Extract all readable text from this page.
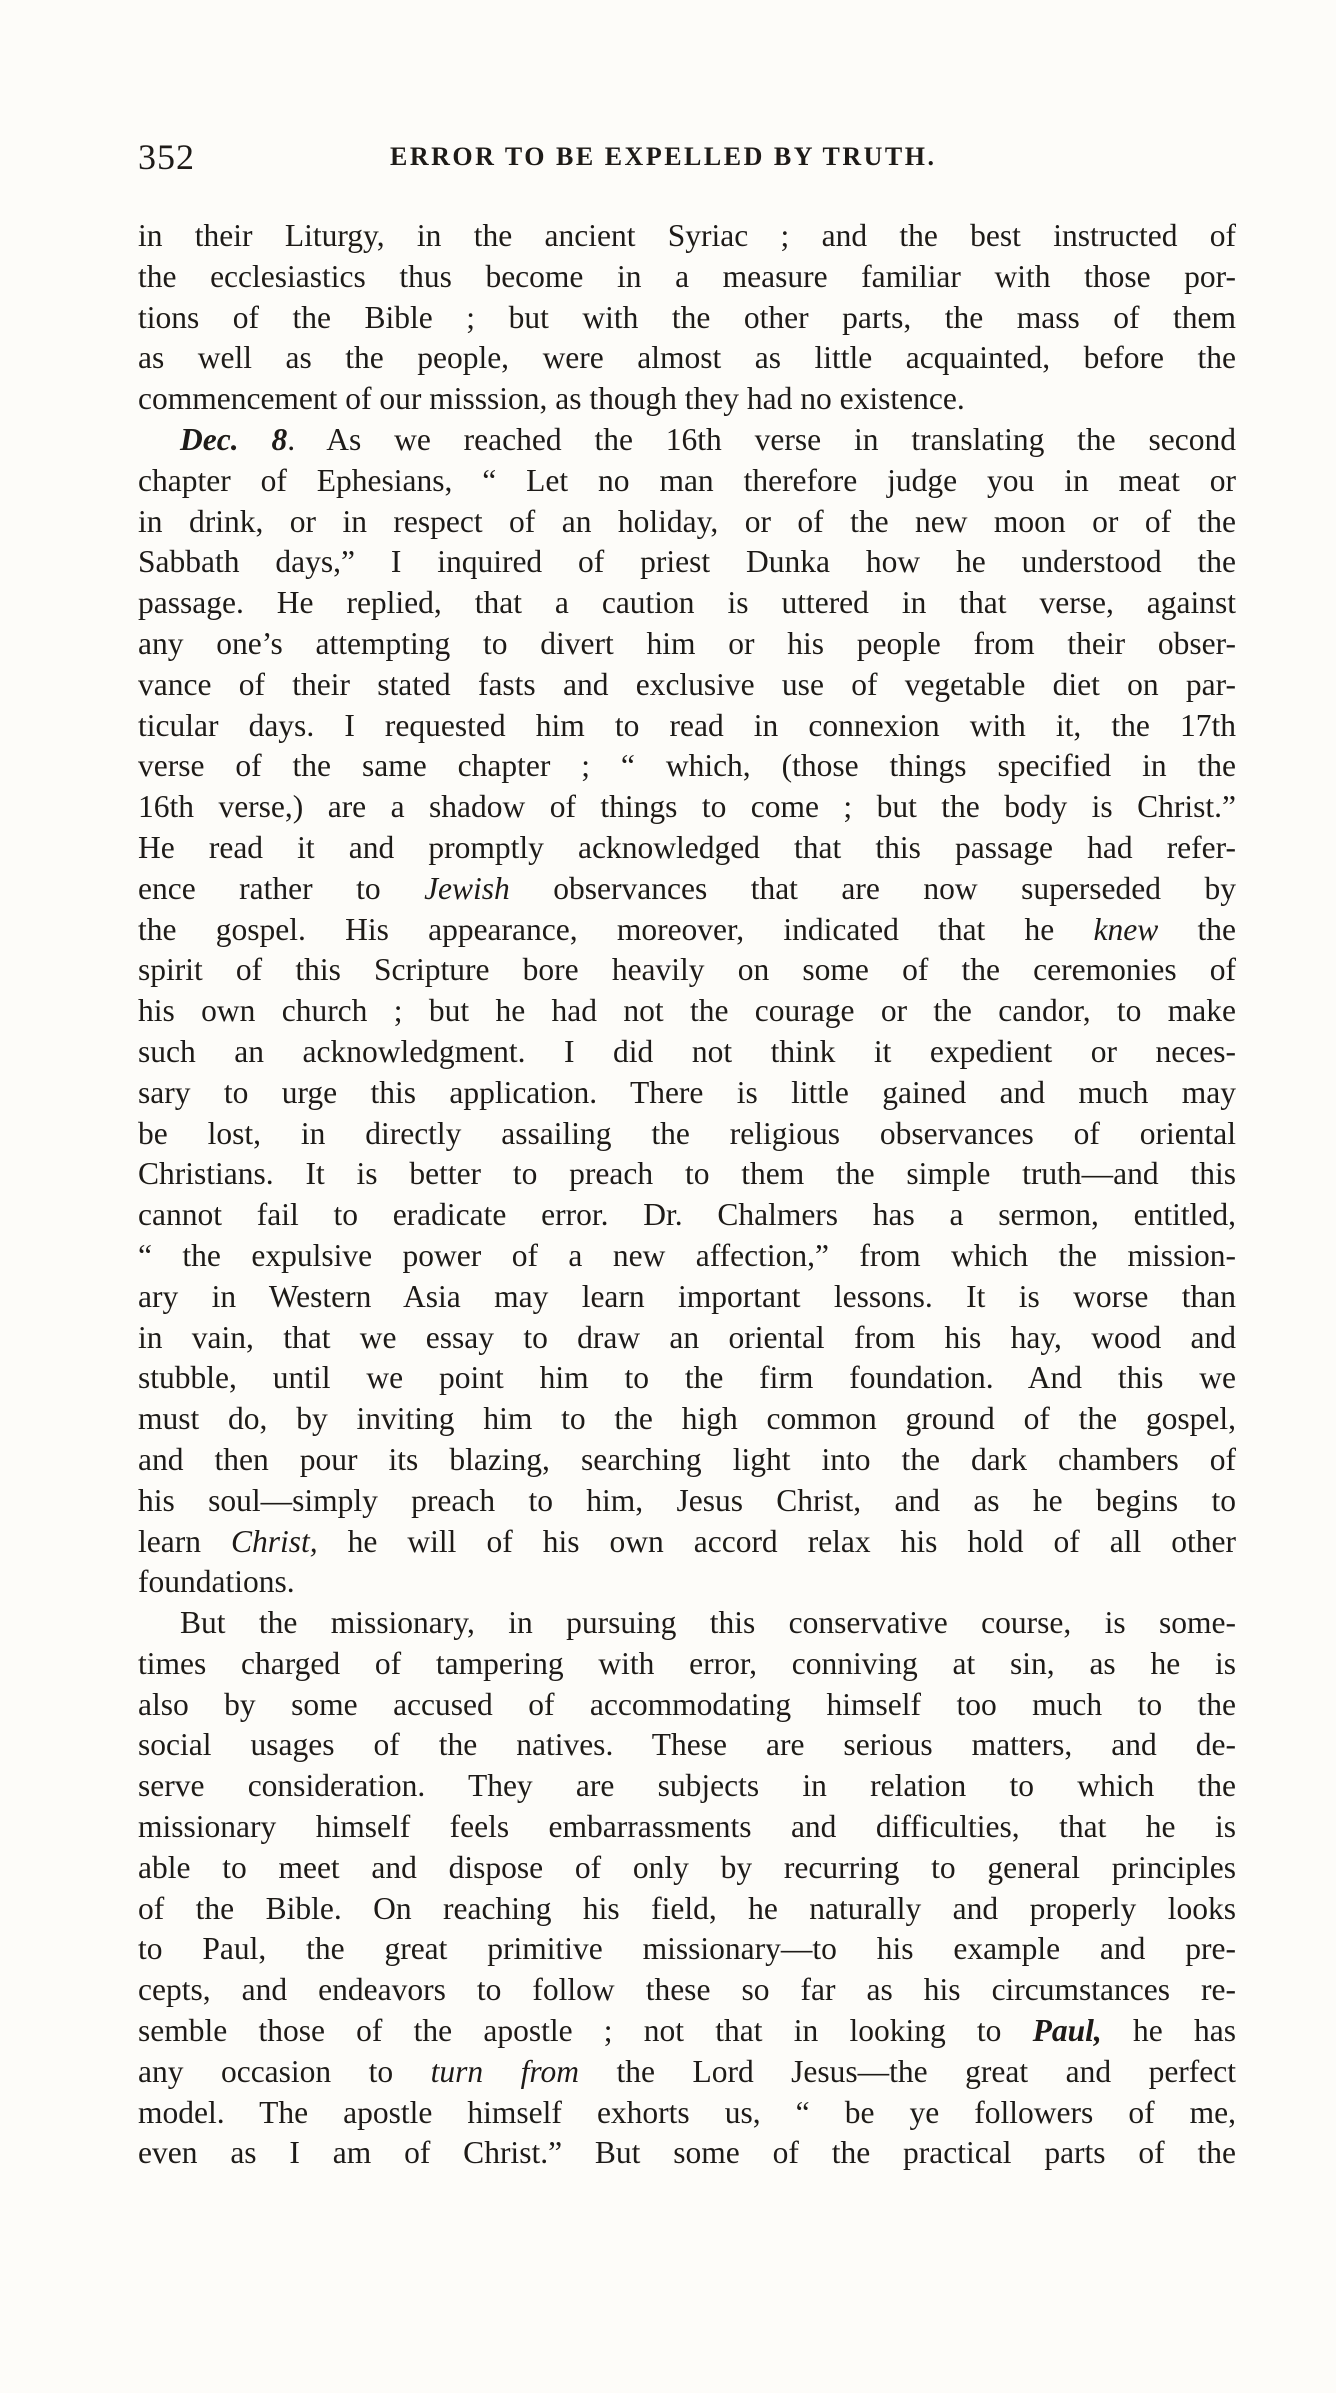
352	ERROR TO BE EXPELLED BY TRUTH.
in their Liturgy, in the ancient Syriac ; and the best instructed of
the ecclesiastics thus become in a measure familiar with those por-
tions of the Bible ; but with the other parts, the mass of them
as well as the people, were almost as little acquainted, before the
commencement of our misssion, as though they had no existence.
Dec. 8. As we reached the 16th verse in translating the second
chapter of Ephesians, “ Let no man therefore judge you in meat or
in drink, or in respect of an holiday, or of the new moon or of the
Sabbath days,” I inquired of priest Dunka how he understood the
passage. He replied, that a caution is uttered in that verse, against
any one’s attempting to divert him or his people from their obser-
vance of their stated fasts and exclusive use of vegetable diet on par-
ticular days. I requested him to read in connexion with it, the 17th
verse of the same chapter ; “ which, (those things specified in the
16th verse,) are a shadow of things to come ; but the body is Christ.”
He read it and promptly acknowledged that this passage had refer-
ence rather to Jewish observances that are now superseded by
the gospel. His appearance, moreover, indicated that he knew the
spirit of this Scripture bore heavily on some of the ceremonies of
his own church ; but he had not the courage or the candor, to make
such an acknowledgment. I did not think it expedient or neces-
sary to urge this application. There is little gained and much may
be lost, in directly assailing the religious observances of oriental
Christians. It is better to preach to them the simple truth—and this
cannot fail to eradicate error. Dr. Chalmers has a sermon, entitled,
“ the expulsive power of a new affection,” from which the mission-
ary in Western Asia may learn important lessons. It is worse than
in vain, that we essay to draw an oriental from his hay, wood and
stubble, until we point him to the firm foundation. And this we
must do, by inviting him to the high common ground of the gospel,
and then pour its blazing, searching light into the dark chambers of
his soul—simply preach to him, Jesus Christ, and as he begins to
learn Christ, he will of his own accord relax his hold of all other
foundations.
But the missionary, in pursuing this conservative course, is some-
times charged of tampering with error, conniving at sin, as he is
also by some accused of accommodating himself too much to the
social usages of the natives. These are serious matters, and de-
serve consideration. They are subjects in relation to which the
missionary himself feels embarrassments and difficulties, that he is
able to meet and dispose of only by recurring to general principles
of the Bible. On reaching his field, he naturally and properly looks
to Paul, the great primitive missionary—to his example and pre-
cepts, and endeavors to follow these so far as his circumstances re-
semble those of the apostle ; not that in looking to Paul, he has
any occasion to turn from the Lord Jesus—the great and perfect
model. The apostle himself exhorts us, “ be ye followers of me,
even as I am of Christ.” But some of the practical parts of the
